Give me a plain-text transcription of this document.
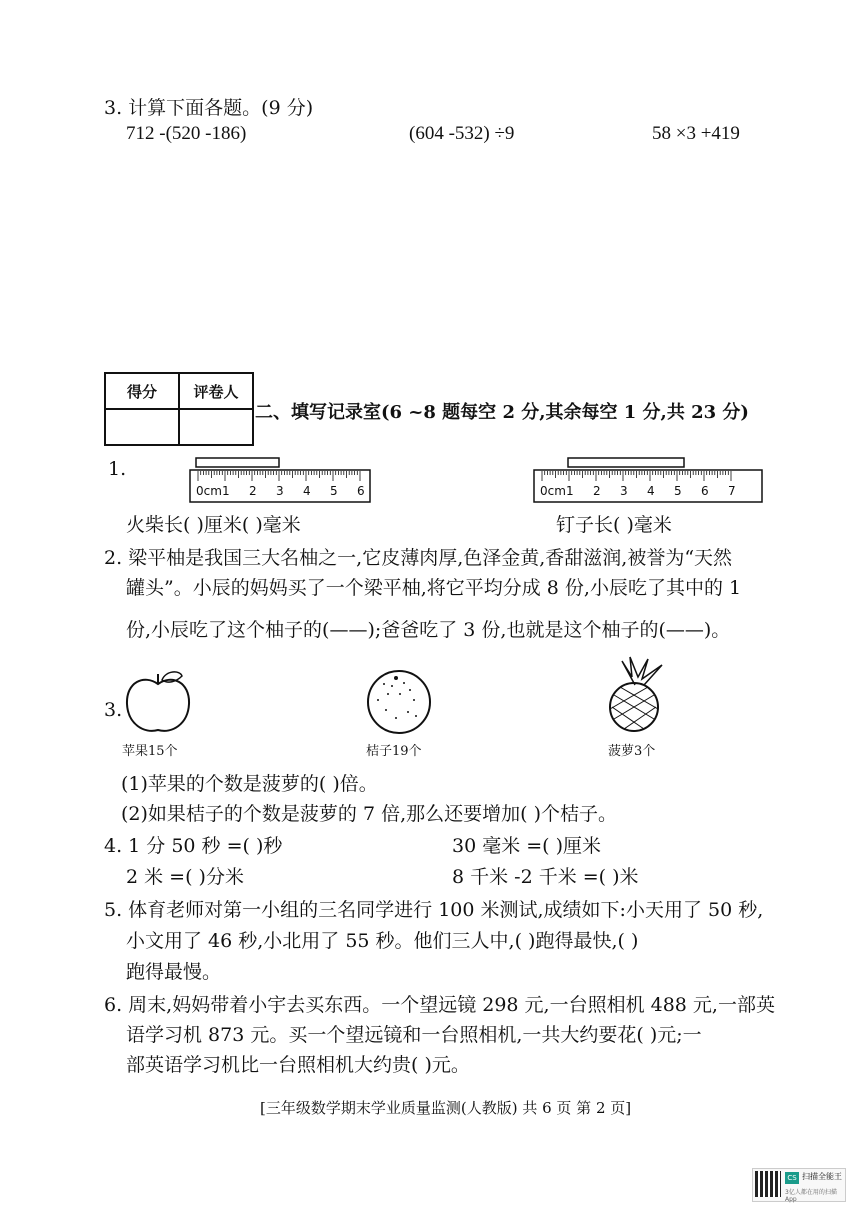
3. 计算下面各题。(9 分)
712 -(520 -186)	(604 -532) ÷9	58 ×3 +419
得分	评卷人

二、填写记录室(6 ~8 题每空 2 分,其余每空 1 分,共 23 分)
1.
0cm 1 2 3 4 5 6	0cm 1 2 3 4 5 6 7
火柴长( )厘米( )毫米	钉子长( )毫米
2. 梁平柚是我国三大名柚之一,它皮薄肉厚,色泽金黄,香甜滋润,被誉为“天然
罐头”。小辰的妈妈买了一个梁平柚,将它平均分成 8 份,小辰吃了其中的 1
份,小辰吃了这个柚子的(——);爸爸吃了 3 份,也就是这个柚子的(——)。
3.
苹果15个	桔子19个	菠萝3个
(1)苹果的个数是菠萝的( )倍。
(2)如果桔子的个数是菠萝的 7 倍,那么还要增加( )个桔子。
4. 1 分 50 秒 =( )秒	30 毫米 =( )厘米
2 米 =( )分米	8 千米 -2 千米 =( )米
5. 体育老师对第一小组的三名同学进行 100 米测试,成绩如下:小天用了 50 秒,
小文用了 46 秒,小北用了 55 秒。他们三人中,( )跑得最快,( )
跑得最慢。
6. 周末,妈妈带着小宇去买东西。一个望远镜 298 元,一台照相机 488 元,一部英
语学习机 873 元。买一个望远镜和一台照相机,一共大约要花( )元;一
部英语学习机比一台照相机大约贵( )元。
[三年级数学期末学业质量监测(人教版) 共 6 页 第 2 页]
CS 扫描全能王
3亿人都在用的扫描App
